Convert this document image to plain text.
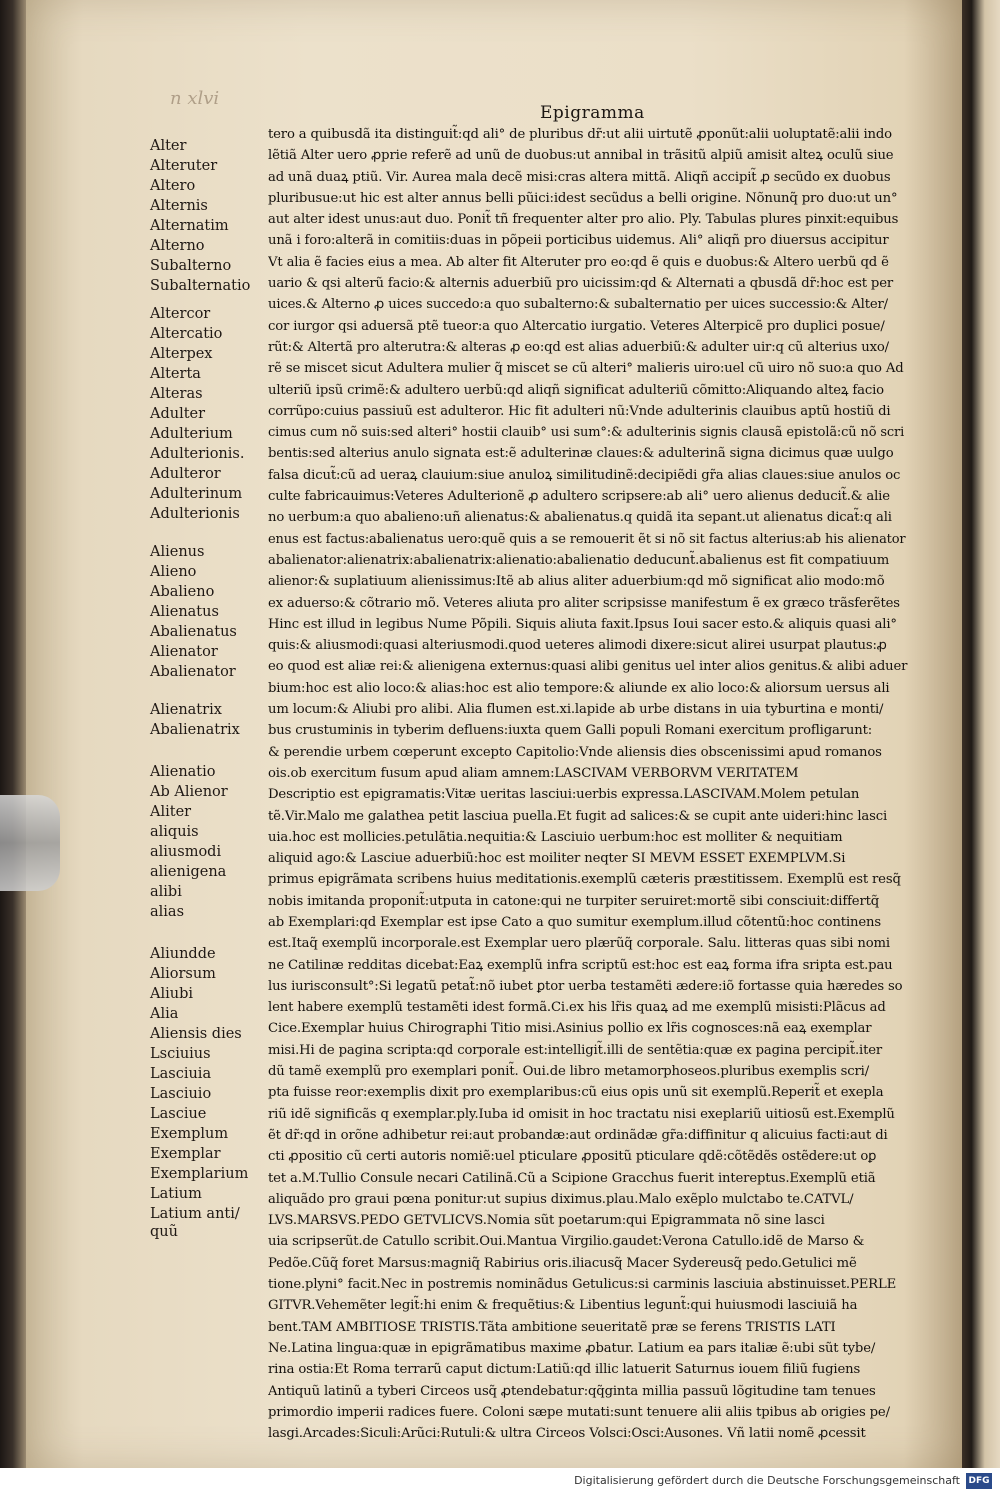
n xlvi
Epigramma
Alter
Alteruter
Altero
Alternis
Alternatim
Alterno
Subalterno
Subalternatio
Altercor
Altercatio
Alterpex
Alterta
Alteras
Adulter
Adulterium
Adulterionis.
Adulteror
Adulterinum
Adulterionis
Alienus
Alieno
Abalieno
Alienatus
Abalienatus
Alienator
Abalienator
Alienatrix
Abalienatrix
Alienatio
Ab Alienor
Aliter
aliquis
aliusmodi
alienigena
alibi
alias
Aliundde
Aliorsum
Aliubi
Alia
Aliensis dies
Lsciuius
Lasciuia
Lasciuio
Lasciue
Exemplum
Exemplar
Exemplarium
Latium
Latium anti/
quũ
tero a quibusdã ita distinguit̃:qd ali° de pluribus dr̃:ut alii uirtutẽ ꝓponũt:alii uoluptatẽ:alii indo
lẽtiã Alter uero ꝓprie referẽ ad unũ de duobus:ut annibal in trãsitũ alpiũ amisit alteꝝ oculũ siue
ad unã duaꝝ ptiũ. Vir. Aurea mala decẽ misi:cras altera mittã. Aliqñ accipit̃ ꝓ secũdo ex duobus
pluribusue:ut hic est alter annus belli pũici:idest secũdus a belli origine. Nõnunq̃ pro duo:ut un°
aut alter idest unus:aut duo. Ponit̃ tñ frequenter alter pro alio. Ply. Tabulas plures pinxit:equibus
unã i foro:alterã in comitiis:duas in põpeii porticibus uidemus. Ali° aliqñ pro diuersus accipitur
Vt alia ẽ facies eius a mea. Ab alter fit Alteruter pro eo:qd ẽ quis e duobus:& Altero uerbũ qd ẽ
uario & qsi alterũ facio:& alternis aduerbiũ pro uicissim:qd & Alternati a qbusdã dr̃:hoc est per
uices.& Alterno ꝓ uices succedo:a quo subalterno:& subalternatio per uices successio:& Alter/
cor iurgor qsi aduersã ptẽ tueor:a quo Altercatio iurgatio. Veteres Alterpicẽ pro duplici posue/
rũt:& Altertã pro alterutra:& alteras ꝓ eo:qd est alias aduerbiũ:& adulter uir:q cũ alterius uxo/
rẽ se miscet sicut Adultera mulier q̃ miscet se cũ alteri° malieris uiro:uel cũ uiro nõ suo:a quo Ad
ulteriũ ipsũ crimẽ:& adultero uerbũ:qd aliqñ significat adulteriũ cõmitto:Aliquando alteꝝ facio
corrũpo:cuius passiuũ est adulteror. Hic fit adulteri nũ:Vnde adulterinis clauibus aptũ hostiũ di
cimus cum nõ suis:sed alteri° hostii clauib° usi sum°:& adulterinis signis clausã epistolã:cũ nõ scri
bentis:sed alterius anulo signata est:ẽ adulterinæ claues:& adulterinã signa dicimus quæ uulgo
falsa dicut̃:cũ ad ueraꝝ clauium:siue anuloꝝ similitudinẽ:decipiẽdi gr̃a alias claues:siue anulos oc
culte fabricauimus:Veteres Adulterionẽ ꝓ adultero scripsere:ab ali° uero alienus deducit̃.& alie
no uerbum:a quo abalieno:uñ alienatus:& abalienatus.q quidã ita sepant.ut alienatus dicat̃:q ali
enus est factus:abalienatus uero:quẽ quis a se remouerit ẽt si nõ sit factus alterius:ab his alienator
abalienator:alienatrix:abalienatrix:alienatio:abalienatio deducunt̃.abalienus est fit compatiuum
alienor:& suplatiuum alienissimus:Itẽ ab alius aliter aduerbium:qd mõ significat alio modo:mõ
ex aduerso:& cõtrario mõ. Veteres aliuta pro aliter scripsisse manifestum ẽ ex græco trãsferẽtes
Hinc est illud in legibus Nume Põpili. Siquis aliuta faxit.Ipsus Ioui sacer esto.& aliquis quasi ali°
quis:& aliusmodi:quasi alteriusmodi.quod ueteres alimodi dixere:sicut alirei usurpat plautus:ꝓ
eo quod est aliæ rei:& alienigena externus:quasi alibi genitus uel inter alios genitus.& alibi aduer
bium:hoc est alio loco:& alias:hoc est alio tempore:& aliunde ex alio loco:& aliorsum uersus ali
um locum:& Aliubi pro alibi. Alia flumen est.xi.lapide ab urbe distans in uia tyburtina e monti/
bus crustuminis in tyberim defluens:iuxta quem Galli populi Romani exercitum profligarunt:
& perendie urbem cœperunt excepto Capitolio:Vnde aliensis dies obscenissimi apud romanos
ois.ob exercitum fusum apud aliam amnem:LASCIVAM VERBORVM VERITATEM
Descriptio est epigramatis:Vitæ ueritas lasciui:uerbis expressa.LASCIVAM.Molem petulan
tẽ.Vir.Malo me galathea petit lasciua puella.Et fugit ad salices:& se cupit ante uideri:hinc lasci
uia.hoc est mollicies.petulãtia.nequitia:& Lasciuio uerbum:hoc est molliter & nequitiam
aliquid ago:& Lasciue aduerbiũ:hoc est moiliter neqter SI MEVM ESSET EXEMPLVM.Si
primus epigrãmata scribens huius meditationis.exemplũ cæteris præstitissem. Exemplũ est resq̃
nobis imitanda proponit̃:utputa in catone:qui ne turpiter seruiret:mortẽ sibi consciuit:differtq̃
ab Exemplari:qd Exemplar est ipse Cato a quo sumitur exemplum.illud cõtentũ:hoc continens
est.Itaq̃ exemplũ incorporale.est Exemplar uero plærũq̃ corporale. Salu. litteras quas sibi nomi
ne Catilinæ redditas dicebat:Eaꝝ exemplũ infra scriptũ est:hoc est eaꝝ forma ifra sripta est.pau
lus iurisconsult°:Si legatũ petat̃:nõ iubet ꝑtor uerba testamẽti ædere:iõ fortasse quia hæredes so
lent habere exemplũ testamẽti idest formã.Ci.ex his lr̃is quaꝝ ad me exemplũ misisti:Plãcus ad
Cice.Exemplar huius Chirographi Titio misi.Asinius pollio ex lr̃is cognosces:nã eaꝝ exemplar
misi.Hi de pagina scripta:qd corporale est:intelligit̃.illi de sentẽtia:quæ ex pagina percipit̃.iter
dũ tamẽ exemplũ pro exemplari ponit̃. Oui.de libro metamorphoseos.pluribus exemplis scri/
pta fuisse reor:exemplis dixit pro exemplaribus:cũ eius opis unũ sit exemplũ.Reperit̃ et exepla
riũ idẽ significãs q exemplar.ply.Iuba id omisit in hoc tractatu nisi exeplariũ uitiosũ est.Exemplũ
ẽt dr̃:qd in orõne adhibetur rei:aut probandæ:aut ordinãdæ gr̃a:diffinitur q alicuius facti:aut di
cti ꝓpositio cũ certi autoris nomiẽ:uel pticulare ꝓpositũ pticulare qdẽ:cõtẽdẽs ostẽdere:ut oꝑ
tet a.M.Tullio Consule necari Catilinã.Cũ a Scipione Gracchus fuerit intereptus.Exemplũ etiã
aliquãdo pro graui pœna ponitur:ut supius diximus.plau.Malo exẽplo mulctabo te.CATVL/
LVS.MARSVS.PEDO GETVLICVS.Nomia sũt poetarum:qui Epigrammata nõ sine lasci
uia scripserũt.de Catullo scribit.Oui.Mantua Virgilio.gaudet:Verona Catullo.idẽ de Marso &
Pedõe.Cũq̃ foret Marsus:magniq̃ Rabirius oris.iliacusq̃ Macer Sydereusq̃ pedo.Getulici mẽ
tione.plyni° facit.Nec in postremis nominãdus Getulicus:si carminis lasciuia abstinuisset.PERLE
GITVR.Vehemẽter legit̃:hi enim & frequẽtius:& Libentius legunt̃:qui huiusmodi lasciuiã ha
bent.TAM AMBITIOSE TRISTIS.Tãta ambitione seueritatẽ præ se ferens TRISTIS LATI
Ne.Latina lingua:quæ in epigrãmatibus maxime ꝓbatur. Latium ea pars italiæ ẽ:ubi sũt tybe/
rina ostia:Et Roma terrarũ caput dictum:Latiũ:qd illic latuerit Saturnus iouem filiũ fugiens
Antiquũ latinũ a tyberi Circeos usq̃ ꝓtendebatur:qq̃ginta millia passuũ lõgitudine tam tenues
primordio imperii radices fuere. Coloni sæpe mutati:sunt tenuere alii aliis tpibus ab origies pe/
lasgi.Arcades:Siculi:Arũci:Rutuli:& ultra Circeos Volsci:Osci:Ausones. Vñ latii nomẽ ꝓcessit
Digitalisierung gefördert durch die Deutsche Forschungsgemeinschaft DFG
